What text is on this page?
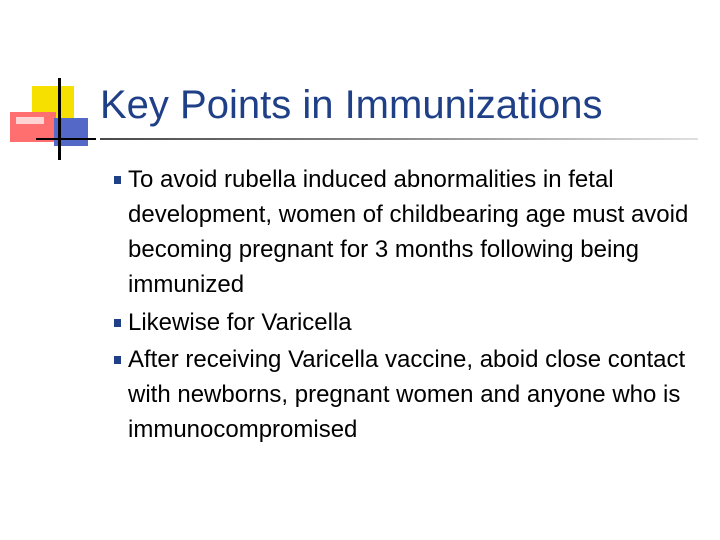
Key Points in Immunizations
To avoid rubella induced abnormalities in fetal development, women of childbearing age must avoid becoming pregnant for 3 months following being immunized
Likewise for Varicella
After receiving Varicella vaccine, aboid close contact with newborns, pregnant women and anyone who is immunocompromised
